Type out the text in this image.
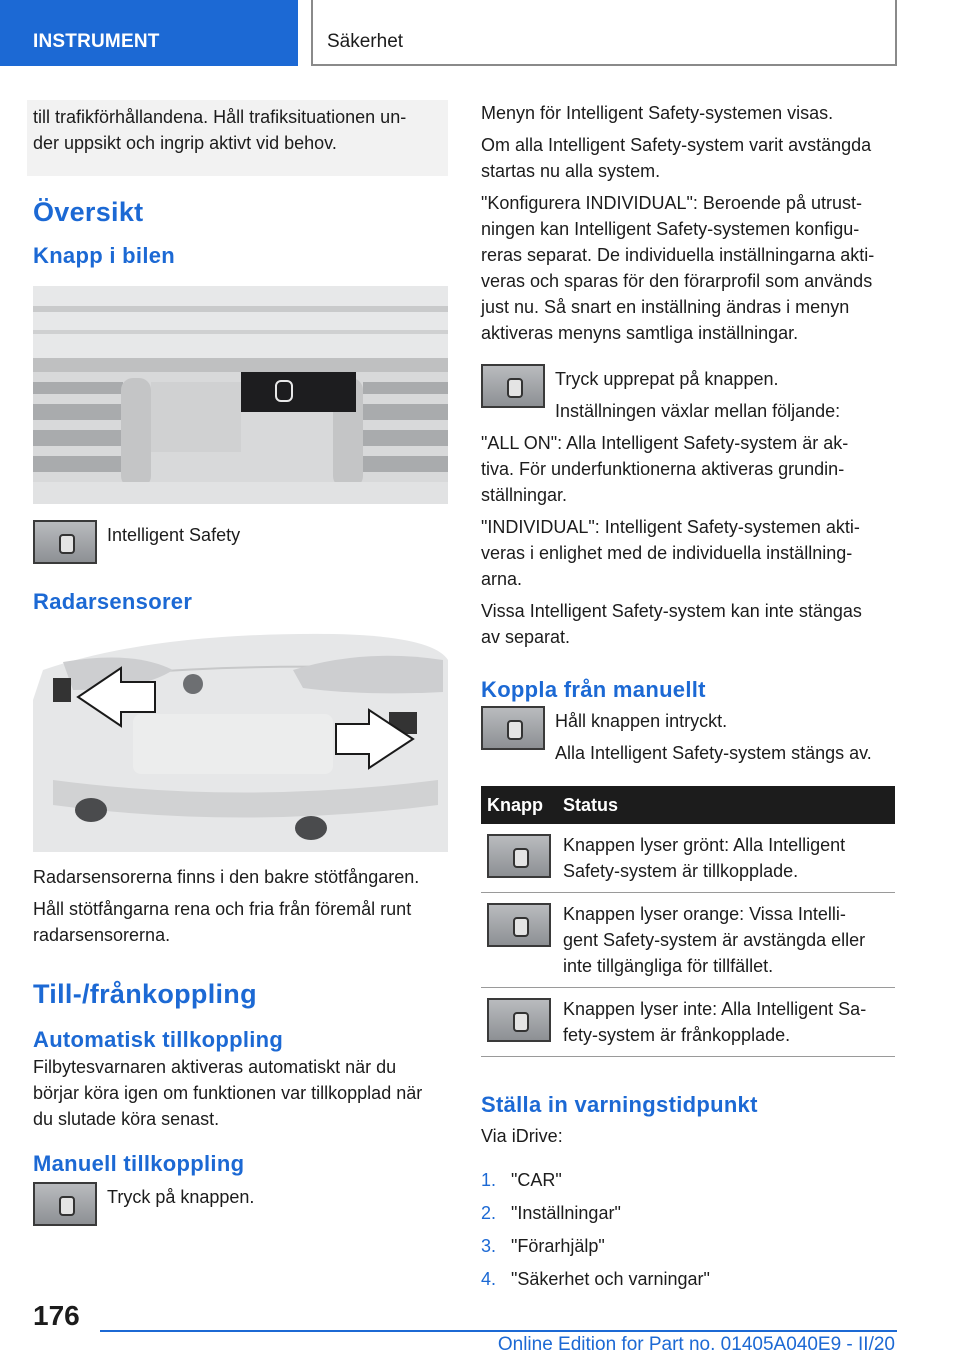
INSTRUMENT	Säkerhet

till trafikförhållandena. Håll trafiksituationen un-

der uppsikt och ingrip aktivt vid behov.

Översikt
Knapp i bilen

Intelligent Safety

Radarsensorer

Radarsensorerna finns i den bakre stötfångaren.

Håll stötfångarna rena och fria från föremål runt

radarsensorerna.

Till-/frånkoppling
Automatisk tillkoppling

Filbytesvarnaren aktiveras automatiskt när du

börjar köra igen om funktionen var tillkopplad när

du slutade köra senast.

Manuell tillkoppling

Tryck på knappen.

Menyn för Intelligent Safety-systemen visas.

Om alla Intelligent Safety-system varit avstängda

startas nu alla system.

"Konfigurera INDIVIDUAL": Beroende på utrust-

ningen kan Intelligent Safety-systemen konfigu-

reras separat. De individuella inställningarna akti-

veras och sparas för den förarprofil som används

just nu. Så snart en inställning ändras i menyn

aktiveras menyns samtliga inställningar.

Tryck upprepat på knappen.

Inställningen växlar mellan följande:

"ALL ON": Alla Intelligent Safety-system är ak-

tiva. För underfunktionerna aktiveras grundin-

ställningar.

"INDIVIDUAL": Intelligent Safety-systemen akti-

veras i enlighet med de individuella inställning-

arna.

Vissa Intelligent Safety-system kan inte stängas

av separat.

Koppla från manuellt

Håll knappen intryckt.

Alla Intelligent Safety-system stängs av.

Knapp	Status

	Knappen lyser grönt: Alla Intelligent
Safety-system är tillkopplade.

	Knappen lyser orange: Vissa Intelli-
gent Safety-system är avstängda eller
inte tillgängliga för tillfället.

	Knappen lyser inte: Alla Intelligent Sa-
fety-system är frånkopplade.
Ställa in varningstidpunkt

Via iDrive:

1. "CAR"
2. "Inställningar"
3. "Förarhjälp"
4. "Säkerhet och varningar"
176
Online Edition for Part no. 01405A040E9 - II/20
